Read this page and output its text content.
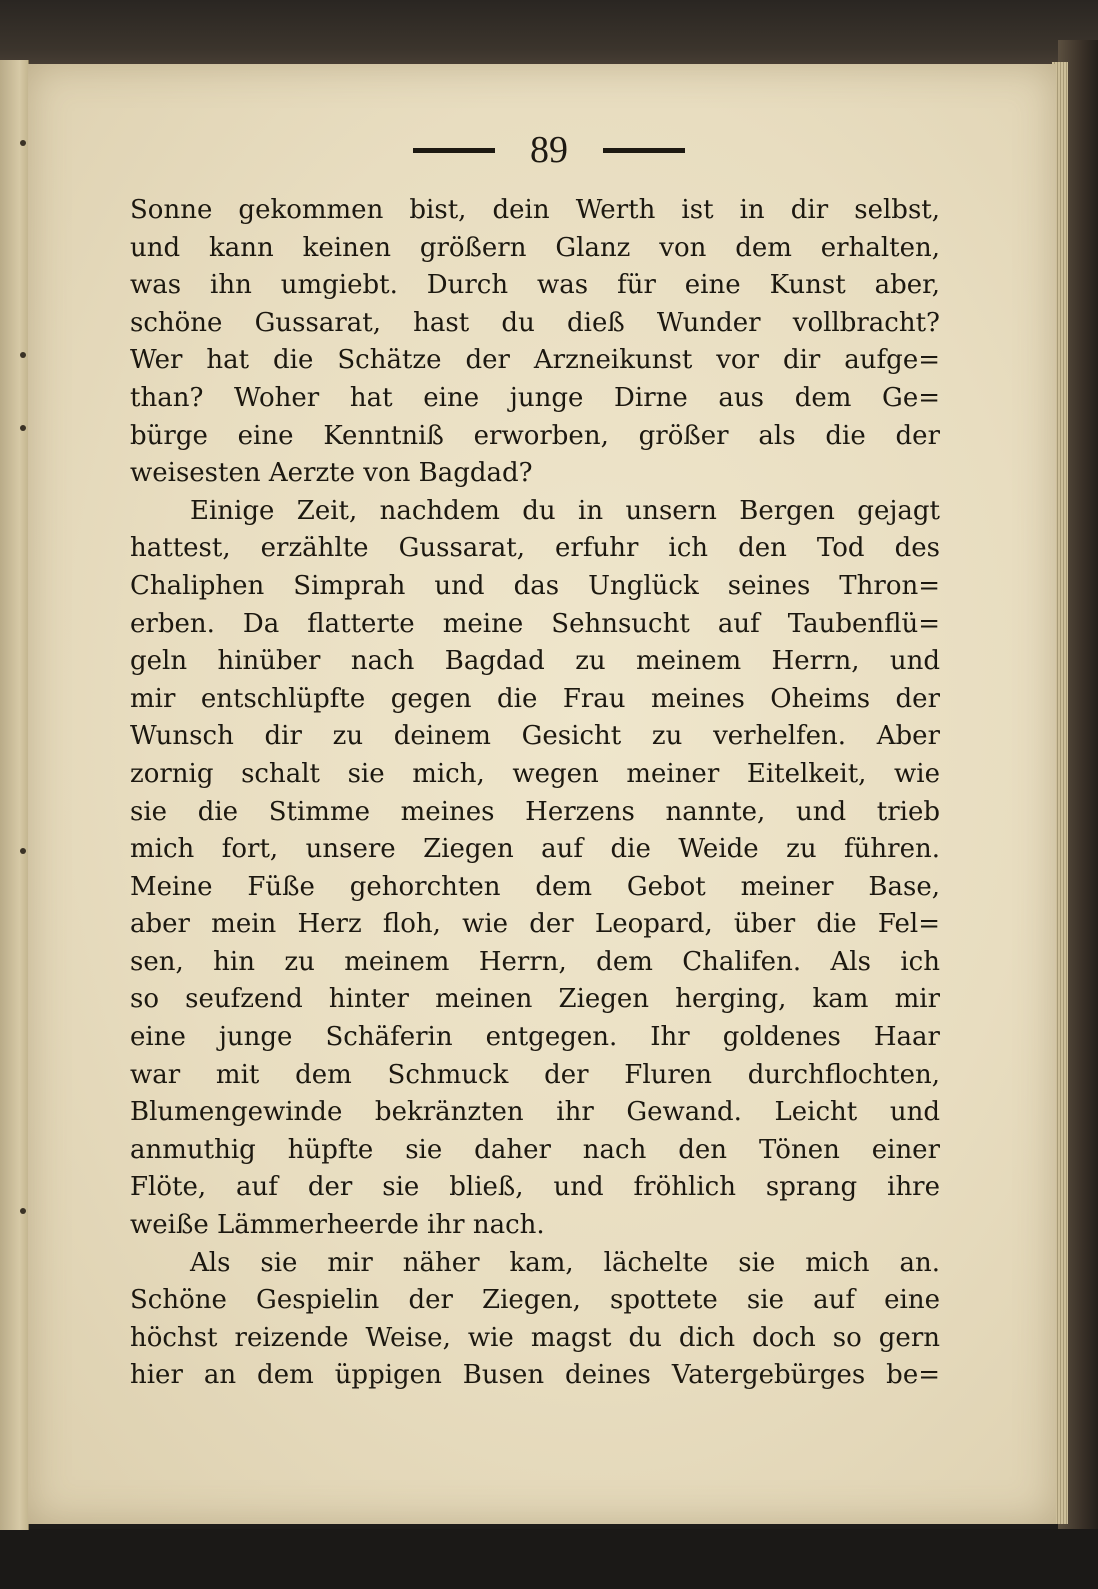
89
Sonne gekommen bist, dein Werth ist in dir selbst,
und kann keinen größern Glanz von dem erhalten,
was ihn umgiebt. Durch was für eine Kunst aber,
schöne Gussarat, hast du dieß Wunder vollbracht?
Wer hat die Schätze der Arzneikunst vor dir aufge=
than? Woher hat eine junge Dirne aus dem Ge=
bürge eine Kenntniß erworben, größer als die der
weisesten Aerzte von Bagdad?
Einige Zeit, nachdem du in unsern Bergen gejagt
hattest, erzählte Gussarat, erfuhr ich den Tod des
Chaliphen Simprah und das Unglück seines Thron=
erben. Da flatterte meine Sehnsucht auf Taubenflü=
geln hinüber nach Bagdad zu meinem Herrn, und
mir entschlüpfte gegen die Frau meines Oheims der
Wunsch dir zu deinem Gesicht zu verhelfen. Aber
zornig schalt sie mich, wegen meiner Eitelkeit, wie
sie die Stimme meines Herzens nannte, und trieb
mich fort, unsere Ziegen auf die Weide zu führen.
Meine Füße gehorchten dem Gebot meiner Base,
aber mein Herz floh, wie der Leopard, über die Fel=
sen, hin zu meinem Herrn, dem Chalifen. Als ich
so seufzend hinter meinen Ziegen herging, kam mir
eine junge Schäferin entgegen. Ihr goldenes Haar
war mit dem Schmuck der Fluren durchflochten,
Blumengewinde bekränzten ihr Gewand. Leicht und
anmuthig hüpfte sie daher nach den Tönen einer
Flöte, auf der sie bließ, und fröhlich sprang ihre
weiße Lämmerheerde ihr nach.
Als sie mir näher kam, lächelte sie mich an.
Schöne Gespielin der Ziegen, spottete sie auf eine
höchst reizende Weise, wie magst du dich doch so gern
hier an dem üppigen Busen deines Vatergebürges be=
